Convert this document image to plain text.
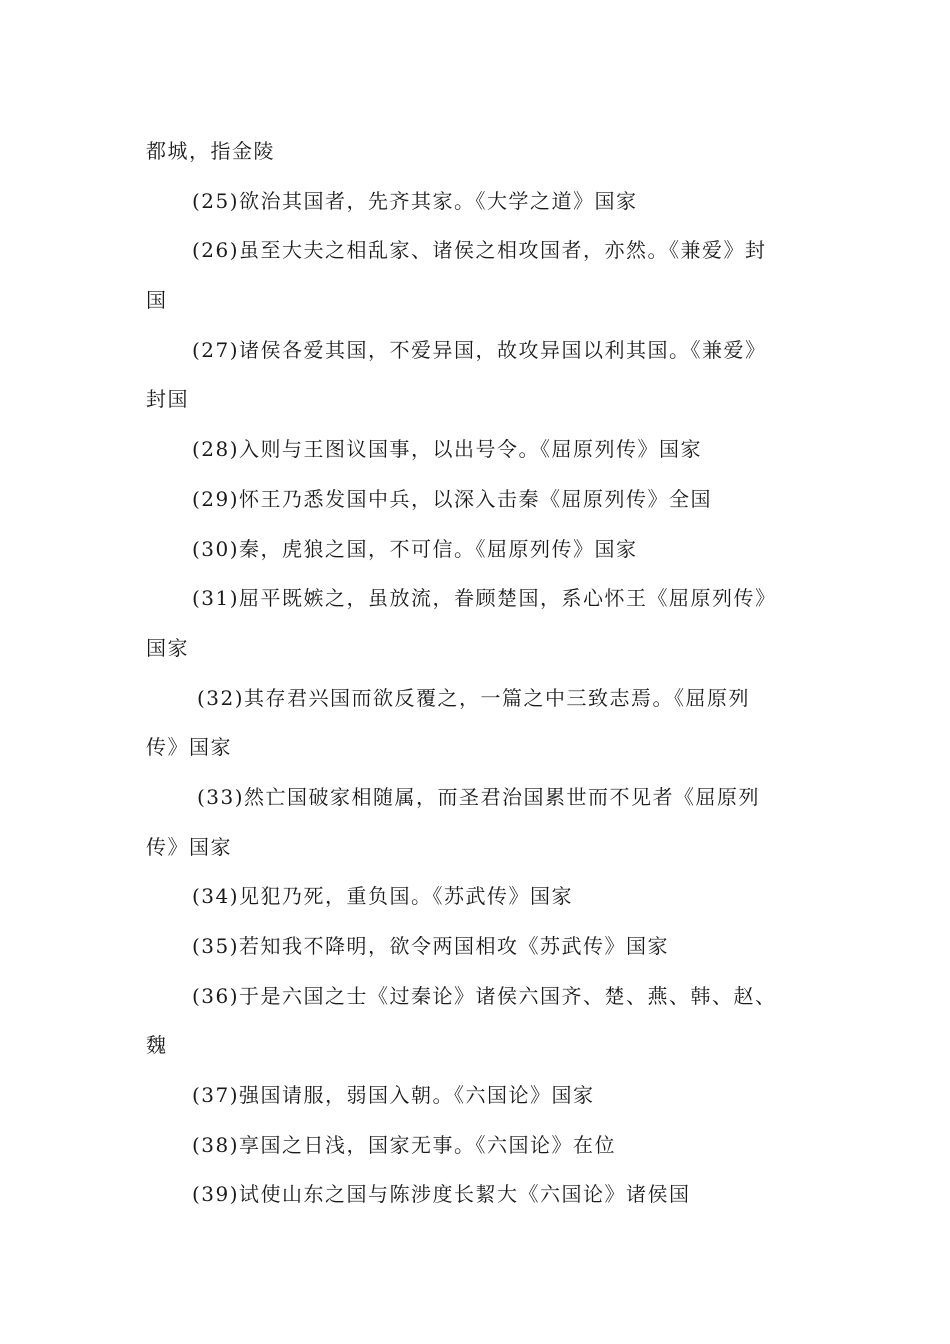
都城，指金陵
(25)欲治其国者，先齐其家。《大学之道》国家
(26)虽至大夫之相乱家、诸侯之相攻国者，亦然。《兼爱》封
国
(27)诸侯各爱其国，不爱异国，故攻异国以利其国。《兼爱》
封国
(28)入则与王图议国事，以出号令。《屈原列传》国家
(29)怀王乃悉发国中兵，以深入击秦《屈原列传》全国
(30)秦，虎狼之国，不可信。《屈原列传》国家
(31)屈平既嫉之，虽放流，眷顾楚国，系心怀王《屈原列传》
国家
(32)其存君兴国而欲反覆之，一篇之中三致志焉。《屈原列
传》国家
(33)然亡国破家相随属，而圣君治国累世而不见者《屈原列
传》国家
(34)见犯乃死，重负国。《苏武传》国家
(35)若知我不降明，欲令两国相攻《苏武传》国家
(36)于是六国之士《过秦论》诸侯六国齐、楚、燕、韩、赵、
魏
(37)强国请服，弱国入朝。《六国论》国家
(38)享国之日浅，国家无事。《六国论》在位
(39)试使山东之国与陈涉度长絜大《六国论》诸侯国
